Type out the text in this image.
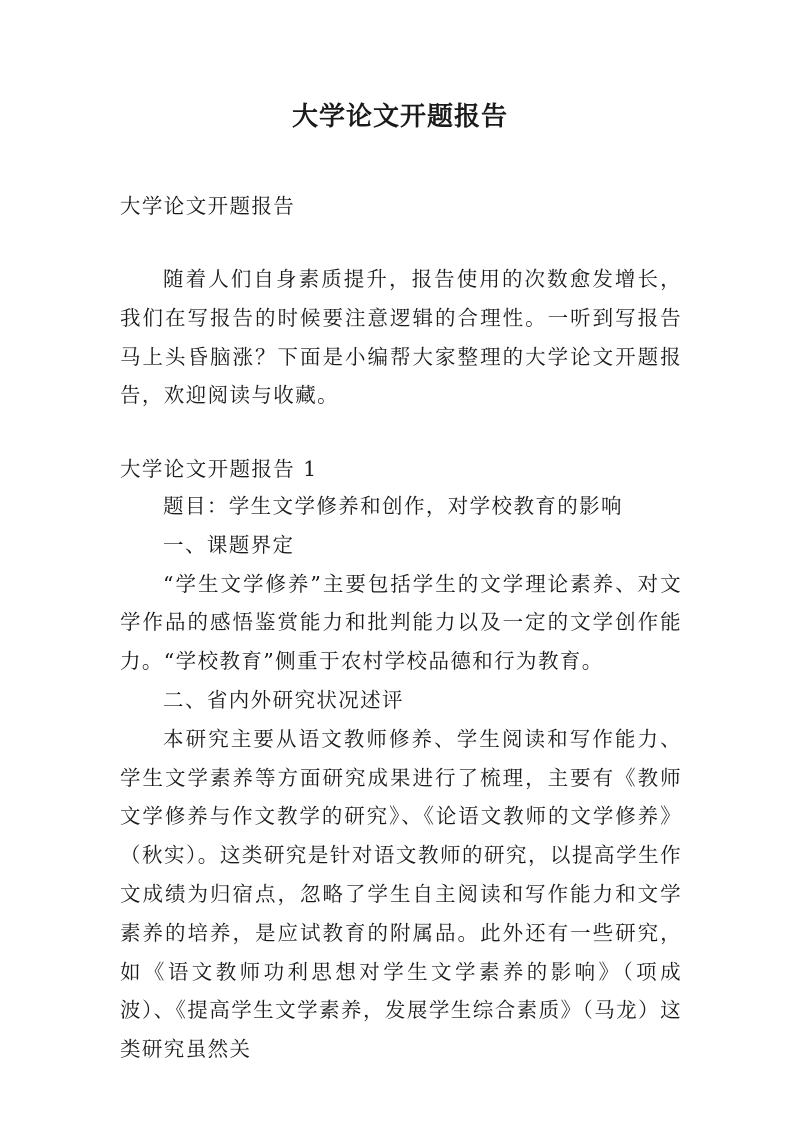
大学论文开题报告

大学论文开题报告

随着人们自身素质提升，报告使用的次数愈发增长，我们在写报告的时候要注意逻辑的合理性。一听到写报告马上头昏脑涨？下面是小编帮大家整理的大学论文开题报告，欢迎阅读与收藏。

大学论文开题报告 1

题目：学生文学修养和创作，对学校教育的影响

一、课题界定

“学生文学修养”主要包括学生的文学理论素养、对文学作品的感悟鉴赏能力和批判能力以及一定的文学创作能力。“学校教育”侧重于农村学校品德和行为教育。

二、省内外研究状况述评

本研究主要从语文教师修养、学生阅读和写作能力、学生文学素养等方面研究成果进行了梳理，主要有《教师文学修养与作文教学的研究》、《论语文教师的文学修养》（秋实）。这类研究是针对语文教师的研究，以提高学生作文成绩为归宿点，忽略了学生自主阅读和写作能力和文学素养的培养，是应试教育的附属品。此外还有一些研究，如《语文教师功利思想对学生文学素养的影响》（项成波）、《提高学生文学素养，发展学生综合素质》（马龙）这类研究虽然关
